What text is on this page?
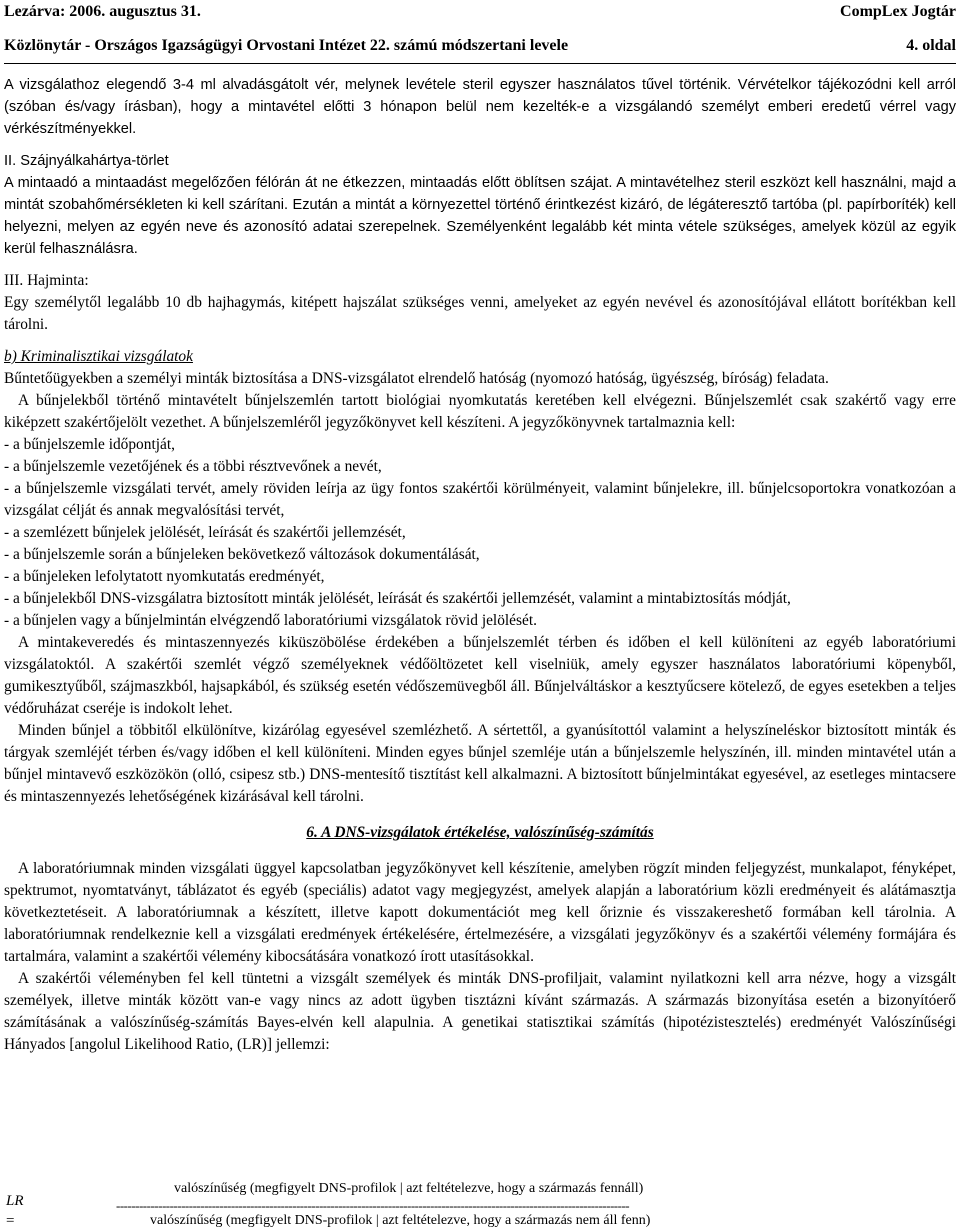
Lezárva: 2006. augusztus 31.	CompLex Jogtár
Közlönytár - Országos Igazságügyi Orvostani Intézet 22. számú módszertani levele	4. oldal

A vizsgálathoz elegendő 3-4 ml alvadásgátolt vér, melynek levétele steril egyszer használatos tűvel történik. Vérvételkor tájékozódni kell arról (szóban és/vagy írásban), hogy a mintavétel előtti 3 hónapon belül nem kezelték-e a vizsgálandó személyt emberi eredetű vérrel vagy vérkészítményekkel.

II. Szájnyálkahártya-törlet

A mintaadó a mintaadást megelőzően félórán át ne étkezzen, mintaadás előtt öblítsen szájat. A mintavételhez steril eszközt kell használni, majd a mintát szobahőmérsékleten ki kell szárítani. Ezután a mintát a környezettel történő érintkezést kizáró, de légáteresztő tartóba (pl. papírboríték) kell helyezni, melyen az egyén neve és azonosító adatai szerepelnek. Személyenként legalább két minta vétele szükséges, amelyek közül az egyik kerül felhasználásra.

III. Hajminta:

Egy személytől legalább 10 db hajhagymás, kitépett hajszálat szükséges venni, amelyeket az egyén nevével és azonosítójával ellátott borítékban kell tárolni.

b) Kriminalisztikai vizsgálatok

Bűntetőügyekben a személyi minták biztosítása a DNS-vizsgálatot elrendelő hatóság (nyomozó hatóság, ügyészség, bíróság) feladata.

A bűnjelekből történő mintavételt bűnjelszemlén tartott biológiai nyomkutatás keretében kell elvégezni. Bűnjelszemlét csak szakértő vagy erre kiképzett szakértőjelölt vezethet. A bűnjelszemléről jegyzőkönyvet kell készíteni. A jegyzőkönyvnek tartalmaznia kell:

- a bűnjelszemle időpontját,

- a bűnjelszemle vezetőjének és a többi résztvevőnek a nevét,

- a bűnjelszemle vizsgálati tervét, amely röviden leírja az ügy fontos szakértői körülményeit, valamint bűnjelekre, ill. bűnjelcsoportokra vonatkozóan a vizsgálat célját és annak megvalósítási tervét,

- a szemlézett bűnjelek jelölését, leírását és szakértői jellemzését,

- a bűnjelszemle során a bűnjeleken bekövetkező változások dokumentálását,

- a bűnjeleken lefolytatott nyomkutatás eredményét,

- a bűnjelekből DNS-vizsgálatra biztosított minták jelölését, leírását és szakértői jellemzését, valamint a mintabiztosítás módját,

- a bűnjelen vagy a bűnjelmintán elvégzendő laboratóriumi vizsgálatok rövid jelölését.

A mintakeveredés és mintaszennyezés kiküszöbölése érdekében a bűnjelszemlét térben és időben el kell különíteni az egyéb laboratóriumi vizsgálatoktól. A szakértői szemlét végző személyeknek védőöltözetet kell viselniük, amely egyszer használatos laboratóriumi köpenyből, gumikesztyűből, szájmaszkból, hajsapkából, és szükség esetén védőszemüvegből áll. Bűnjelváltáskor a kesztyűcsere kötelező, de egyes esetekben a teljes védőruházat cseréje is indokolt lehet.

Minden bűnjel a többitől elkülönítve, kizárólag egyesével szemlézhető. A sértettől, a gyanúsítottól valamint a helyszíneléskor biztosított minták és tárgyak szemléjét térben és/vagy időben el kell különíteni. Minden egyes bűnjel szemléje után a bűnjelszemle helyszínén, ill. minden mintavétel után a bűnjel mintavevő eszközökön (olló, csipesz stb.) DNS-mentesítő tisztítást kell alkalmazni. A biztosított bűnjelmintákat egyesével, az esetleges mintacsere és mintaszennyezés lehetőségének kizárásával kell tárolni.

6. A DNS-vizsgálatok értékelése, valószínűség-számítás

A laboratóriumnak minden vizsgálati üggyel kapcsolatban jegyzőkönyvet kell készítenie, amelyben rögzít minden feljegyzést, munkalapot, fényképet, spektrumot, nyomtatványt, táblázatot és egyéb (speciális) adatot vagy megjegyzést, amelyek alapján a laboratórium közli eredményeit és alátámasztja következtetéseit. A laboratóriumnak a készített, illetve kapott dokumentációt meg kell őriznie és visszakereshető formában kell tárolnia. A laboratóriumnak rendelkeznie kell a vizsgálati eredmények értékelésére, értelmezésére, a vizsgálati jegyzőkönyv és a szakértői vélemény formájára és tartalmára, valamint a szakértői vélemény kibocsátására vonatkozó írott utasításokkal.

A szakértői véleményben fel kell tüntetni a vizsgált személyek és minták DNS-profiljait, valamint nyilatkozni kell arra nézve, hogy a vizsgált személyek, illetve minták között van-e vagy nincs az adott ügyben tisztázni kívánt származás. A származás bizonyítása esetén a bizonyítóerő számításának a valószínűség-számítás Bayes-elvén kell alapulnia. A genetikai statisztikai számítás (hipotézistesztelés) eredményét Valószínűségi Hányados [angolul Likelihood Ratio, (LR)] jellemzi:

valószínűség (megfigyelt DNS-profilok | azt feltételezve, hogy a származás fennáll)
LR	--------------------------------------------------------------------------------------------------------------------------------------
=	valószínűség (megfigyelt DNS-profilok | azt feltételezve, hogy a származás nem áll fenn)
